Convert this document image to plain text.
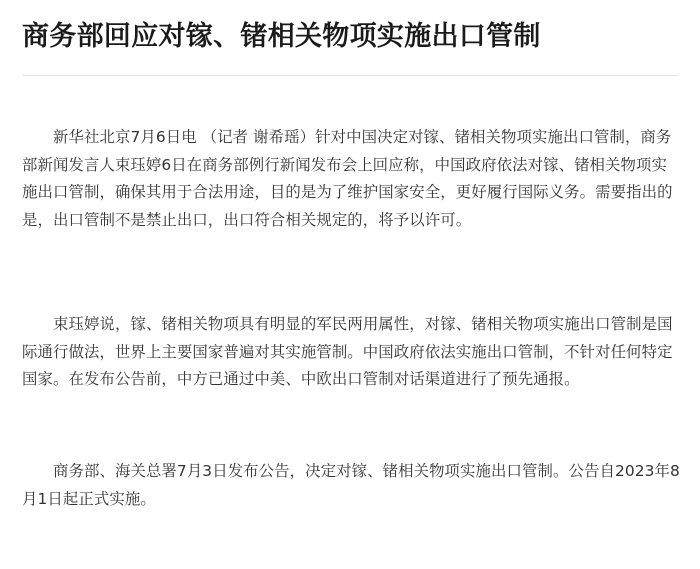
商务部回应对镓、锗相关物项实施出口管制

新华社北京7月6日电 （记者 谢希瑶）针对中国决定对镓、锗相关物项实施出口管制，商务部新闻发言人束珏婷6日在商务部例行新闻发布会上回应称，中国政府依法对镓、锗相关物项实施出口管制，确保其用于合法用途，目的是为了维护国家安全，更好履行国际义务。需要指出的是，出口管制不是禁止出口，出口符合相关规定的，将予以许可。

束珏婷说，镓、锗相关物项具有明显的军民两用属性，对镓、锗相关物项实施出口管制是国际通行做法，世界上主要国家普遍对其实施管制。中国政府依法实施出口管制，不针对任何特定国家。在发布公告前，中方已通过中美、中欧出口管制对话渠道进行了预先通报。

商务部、海关总署7月3日发布公告，决定对镓、锗相关物项实施出口管制。公告自2023年8月1日起正式实施。
